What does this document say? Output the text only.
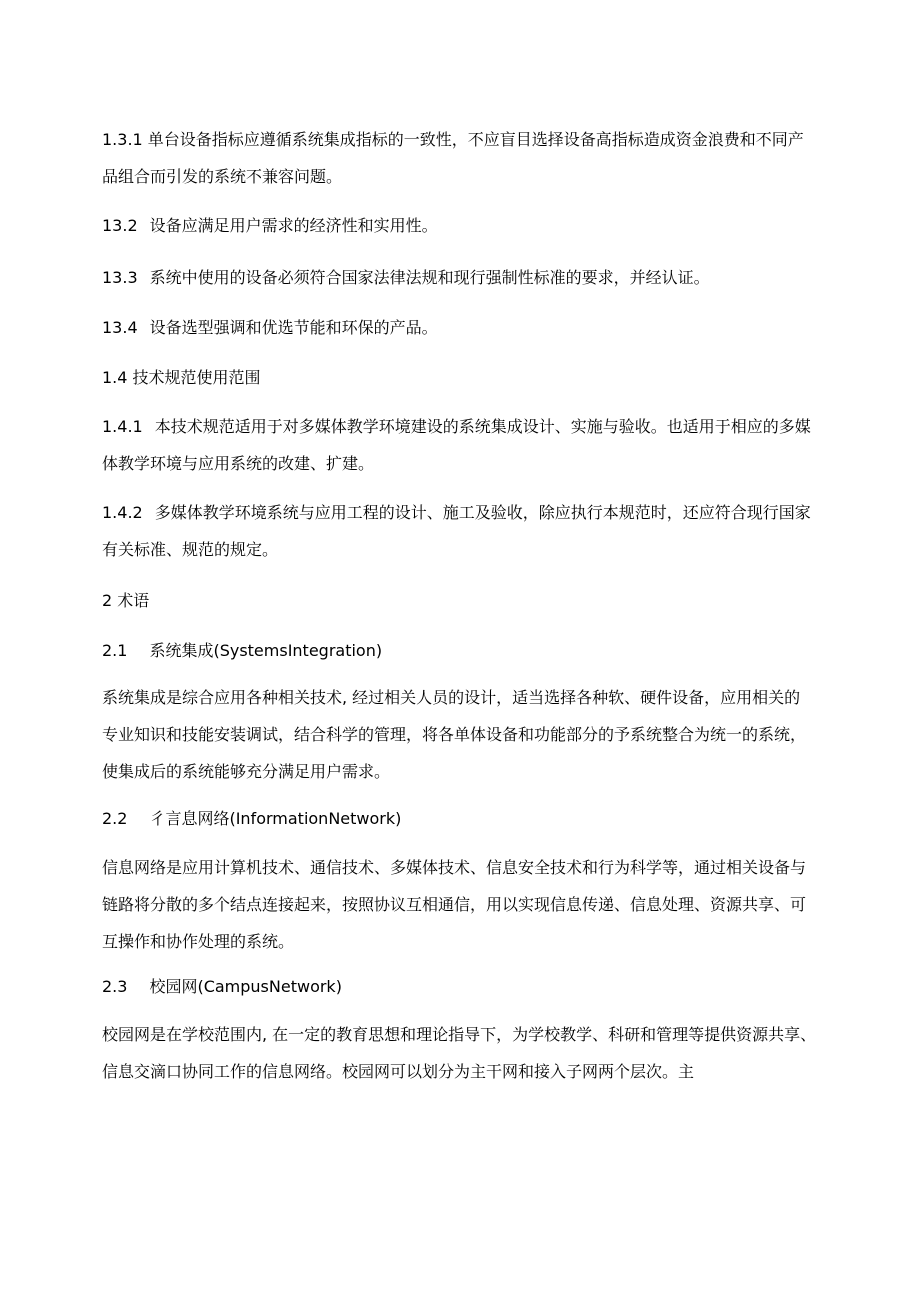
1.3.1 单台设备指标应遵循系统集成指标的一致性，不应盲目选择设备高指标造成资金浪费和不同产
品组合而引发的系统不兼容问题。
13.2 设备应满足用户需求的经济性和实用性。
13.3 系统中使用的设备必须符合国家法律法规和现行强制性标准的要求，并经认证。
13.4 设备选型强调和优选节能和环保的产品。
1.4 技术规范使用范围
1.4.1 本技术规范适用于对多媒体教学环境建设的系统集成设计、实施与验收。也适用于相应的多媒
体教学环境与应用系统的改建、扩建。
1.4.2 多媒体教学环境系统与应用工程的设计、施工及验收，除应执行本规范时，还应符合现行国家
有关标准、规范的规定。
2 术语
2.1 系统集成(SystemsIntegration)
系统集成是综合应用各种相关技术, 经过相关人员的设计，适当选择各种软、硬件设备，应用相关的
专业知识和技能安装调试，结合科学的管理，将各单体设备和功能部分的予系统整合为统一的系统，
使集成后的系统能够充分满足用户需求。
2.2 彳言息网络(InformationNetwork)
信息网络是应用计算机技术、通信技术、多媒体技术、信息安全技术和行为科学等，通过相关设备与
链路将分散的多个结点连接起来，按照协议互相通信，用以实现信息传递、信息处理、资源共享、可
互操作和协作处理的系统。
2.3 校园网(CampusNetwork)
校园网是在学校范围内, 在一定的教育思想和理论指导下，为学校教学、科研和管理等提供资源共享、
信息交滴口协同工作的信息网络。校园网可以划分为主干网和接入子网两个层次。主
